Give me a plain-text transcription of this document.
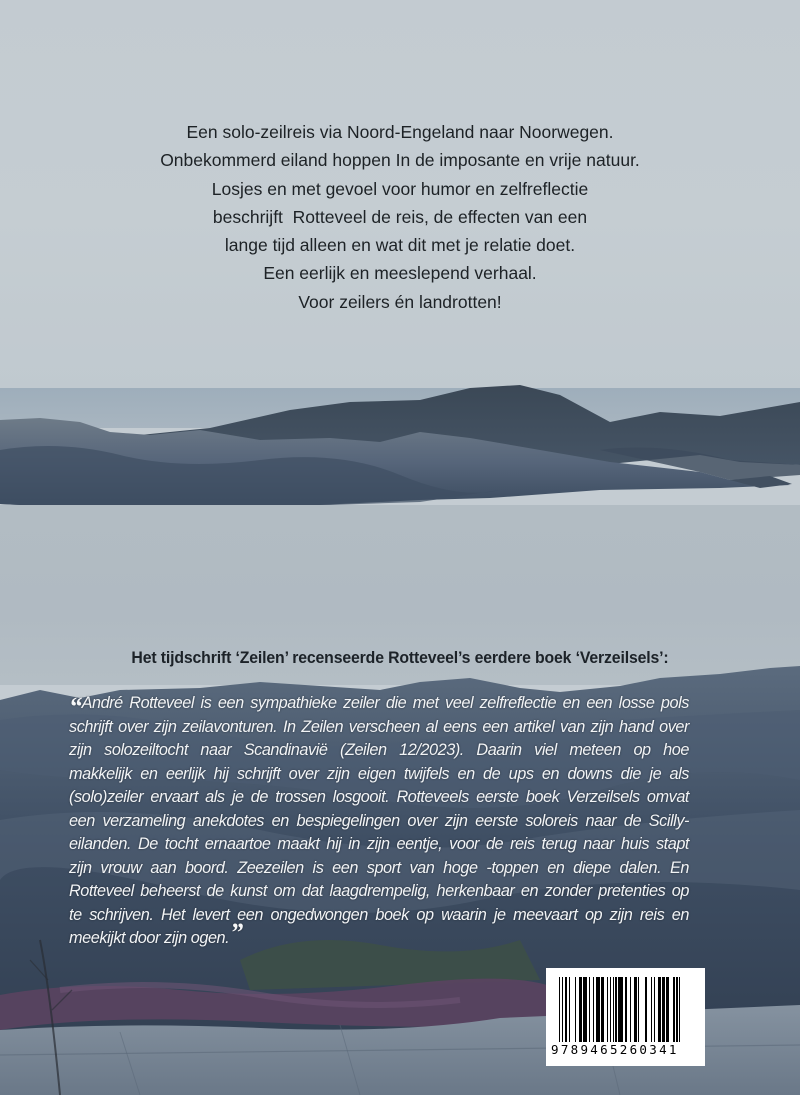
Een solo-zeilreis via Noord-Engeland naar Noorwegen.
Onbekommerd eiland hoppen In de imposante en vrije natuur.
Losjes en met gevoel voor humor en zelfreflectie
beschrijft  Rotteveel de reis, de effecten van een
lange tijd alleen en wat dit met je relatie doet.
Een eerlijk en meeslepend verhaal.
Voor zeilers én landrotten!
Het tijdschrift ‘Zeilen’ recenseerde Rotteveel’s eerdere boek ‘Verzeilsels’:
“André Rotteveel is een sympathieke zeiler die met veel zelfreflectie en een losse pols
schrijft over zijn zeilavonturen. In Zeilen verscheen al eens een artikel van zijn hand over
zijn solozeiltocht naar Scandinavië (Zeilen 12/2023). Daarin viel meteen op hoe
makkelijk en eerlijk hij schrijft over zijn eigen twijfels en de ups en downs die je als
(solo)zeiler ervaart als je de trossen losgooit. Rotteveels eerste boek Verzeilsels omvat
een verzameling anekdotes en bespiegelingen over zijn eerste soloreis naar de Scilly-
eilanden. De tocht ernaartoe maakt hij in zijn eentje, voor de reis terug naar huis stapt
zijn vrouw aan boord. Zeezeilen is een sport van hoge -toppen en diepe dalen. En
Rotteveel beheerst de kunst om dat laagdrempelig, herkenbaar en zonder pretenties op
te schrijven. Het levert een ongedwongen boek op waarin je meevaart op zijn reis en
meekijkt door zijn ogen.”
9789465260341
